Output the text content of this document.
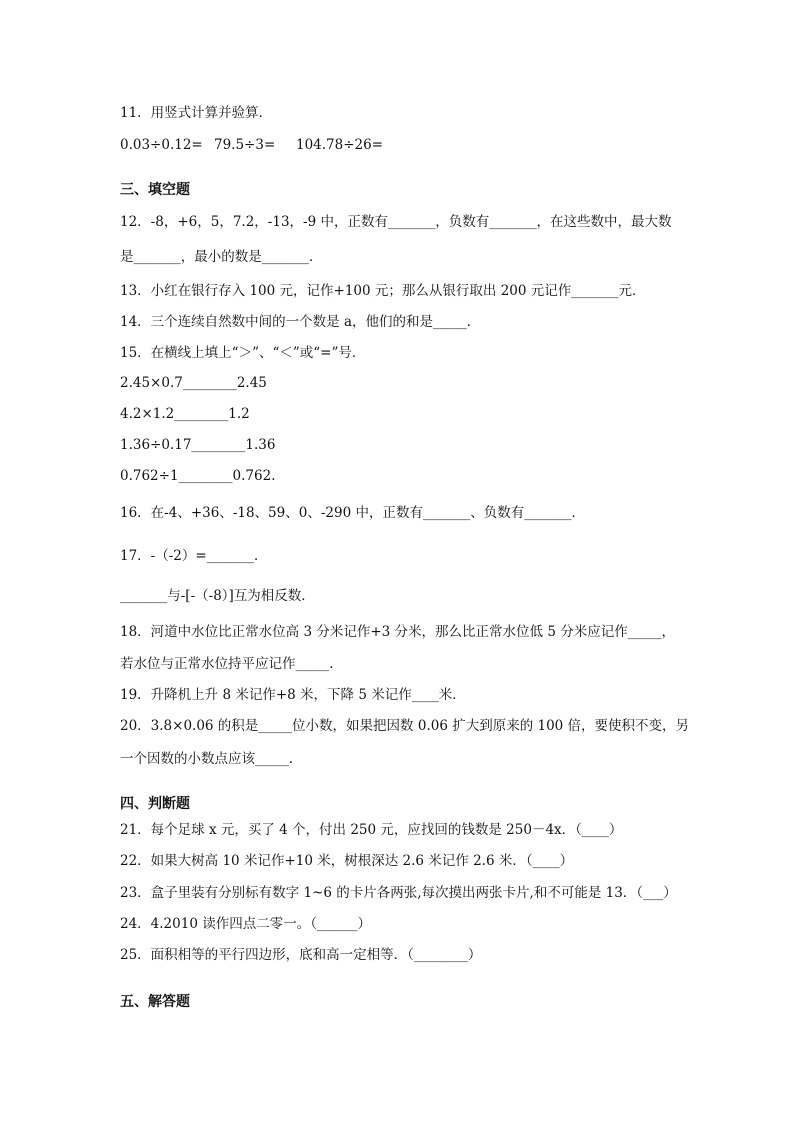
11．用竖式计算并验算．
0.03÷0.12= 79.5÷3= 104.78÷26=
三、填空题
12．-8，+6，5，7.2，-13，-9 中，正数有_______，负数有_______，在这些数中，最大数
是_______，最小的数是_______．
13．小红在银行存入 100 元，记作+100 元；那么从银行取出 200 元记作_______元．
14．三个连续自然数中间的一个数是 a，他们的和是_____．
15．在横线上填上“＞”、“＜”或“=”号．
2.45×0.7________2.45
4.2×1.2________1.2
1.36÷0.17________1.36
0.762÷1________0.762.
16．在-4、+36、-18、59、0、-290 中，正数有_______、负数有_______．
17．-（-2）=_______．
_______与-[-（-8）]互为相反数．
18．河道中水位比正常水位高 3 分米记作+3 分米，那么比正常水位低 5 分米应记作_____，
若水位与正常水位持平应记作_____．
19．升降机上升 8 米记作+8 米，下降 5 米记作____米．
20．3.8×0.06 的积是_____位小数，如果把因数 0.06 扩大到原来的 100 倍，要使积不变，另
一个因数的小数点应该_____．
四、判断题
21．每个足球 x 元，买了 4 个，付出 250 元，应找回的钱数是 250－4x．（____）
22．如果大树高 10 米记作+10 米，树根深达 2.6 米记作 2.6 米．（____）
23．盒子里装有分别标有数字 1~6 的卡片各两张,每次摸出两张卡片,和不可能是 13．（___）
24．4.2010 读作四点二零一。（______）
25．面积相等的平行四边形，底和高一定相等．（________）
五、解答题
